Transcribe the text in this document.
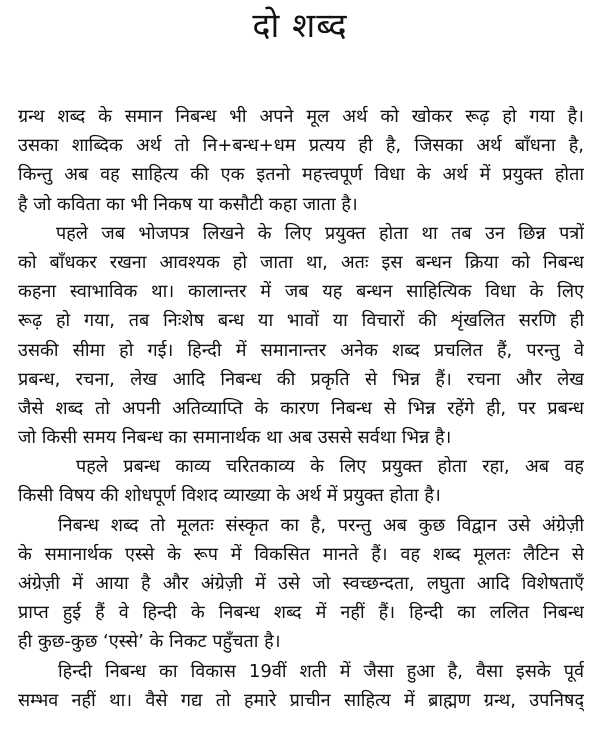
दो शब्द
ग्रन्थ शब्द के समान निबन्ध भी अपने मूल अर्थ को खोकर रूढ़ हो गया है।
उसका शाब्दिक अर्थ तो नि+बन्ध+धम प्रत्यय ही है, जिसका अर्थ बाँधना है,
किन्तु अब वह साहित्य की एक इतनो महत्त्वपूर्ण विधा के अर्थ में प्रयुक्त होता
है जो कविता का भी निकष या कसौटी कहा जाता है।
पहले जब भोजपत्र लिखने के लिए प्रयुक्त होता था तब उन छिन्न पत्रों
को बाँधकर रखना आवश्यक हो जाता था, अतः इस बन्धन क्रिया को निबन्ध
कहना स्वाभाविक था। कालान्तर में जब यह बन्धन साहित्यिक विधा के लिए
रूढ़ हो गया, तब निःशेष बन्ध या भावों या विचारों की शृंखलित सरणि ही
उसकी सीमा हो गई। हिन्दी में समानान्तर अनेक शब्द प्रचलित हैं, परन्तु वे
प्रबन्ध, रचना, लेख आदि निबन्ध की प्रकृति से भिन्न हैं। रचना और लेख
जैसे शब्द तो अपनी अतिव्याप्ति के कारण निबन्ध से भिन्न रहेंगे ही, पर प्रबन्ध
जो किसी समय निबन्ध का समानार्थक था अब उससे सर्वथा भिन्न है।
पहले प्रबन्ध काव्य चरितकाव्य के लिए प्रयुक्त होता रहा, अब वह
किसी विषय की शोधपूर्ण विशद व्याख्या के अर्थ में प्रयुक्त होता है।
निबन्ध शब्द तो मूलतः संस्कृत का है, परन्तु अब कुछ विद्वान उसे अंग्रेज़ी
के समानार्थक एस्से के रूप में विकसित मानते हैं। वह शब्द मूलतः लैटिन से
अंग्रेज़ी में आया है और अंग्रेज़ी में उसे जो स्वच्छन्दता, लघुता आदि विशेषताएँ
प्राप्त हुई हैं वे हिन्दी के निबन्ध शब्द में नहीं हैं। हिन्दी का ललित निबन्ध
ही कुछ-कुछ ‘एस्से’ के निकट पहुँचता है।
हिन्दी निबन्ध का विकास 19वीं शती में जैसा हुआ है, वैसा इसके पूर्व
सम्भव नहीं था। वैसे गद्य तो हमारे प्राचीन साहित्य में ब्राह्मण ग्रन्थ, उपनिषद्
